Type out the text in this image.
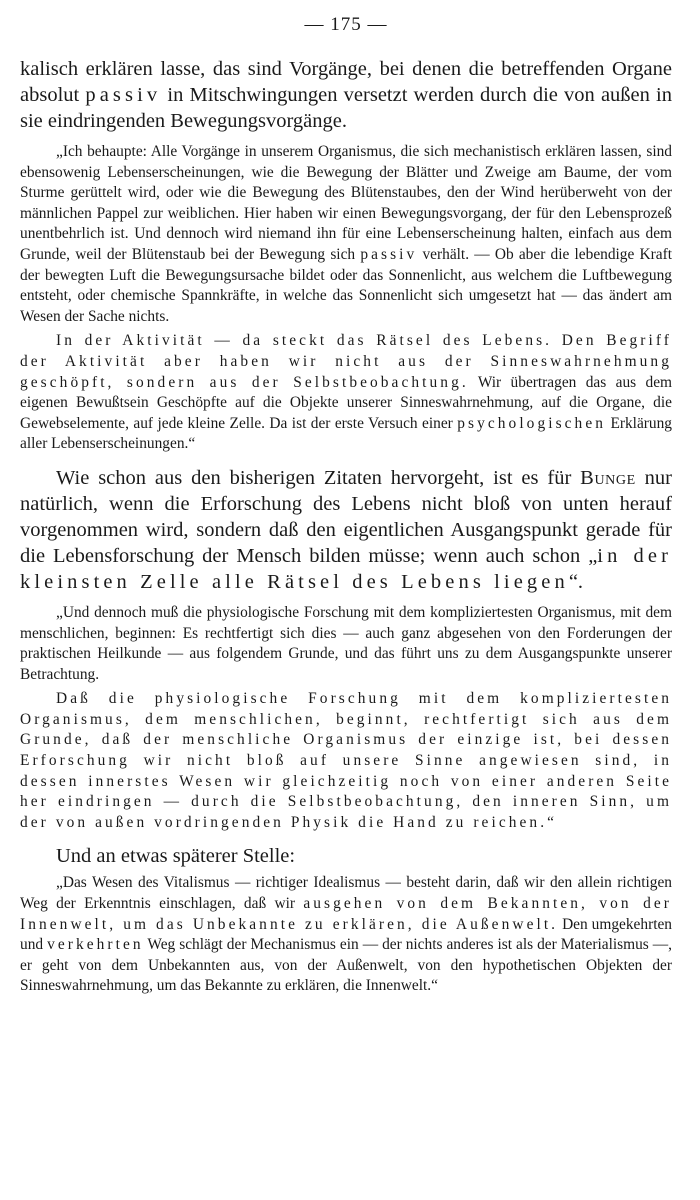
— 175 —

kalisch erklären lasse, das sind Vorgänge, bei denen die betreffenden Organe absolut passiv in Mitschwingungen versetzt werden durch die von außen in sie eindringenden Bewegungsvorgänge.

„Ich behaupte: Alle Vorgänge in unserem Organismus, die sich mechanistisch erklären lassen, sind ebensowenig Lebenserscheinungen, wie die Bewegung der Blätter und Zweige am Baume, der vom Sturme gerüttelt wird, oder wie die Bewegung des Blütenstaubes, den der Wind herüberweht von der männlichen Pappel zur weiblichen. Hier haben wir einen Bewegungsvorgang, der für den Lebensprozeß unentbehrlich ist. Und dennoch wird niemand ihn für eine Lebenserscheinung halten, einfach aus dem Grunde, weil der Blütenstaub bei der Bewegung sich passiv verhält. — Ob aber die lebendige Kraft der bewegten Luft die Bewegungsursache bildet oder das Sonnenlicht, aus welchem die Luftbewegung entsteht, oder chemische Spannkräfte, in welche das Sonnenlicht sich umgesetzt hat — das ändert am Wesen der Sache nichts.

In der Aktivität — da steckt das Rätsel des Lebens. Den Begriff der Aktivität aber haben wir nicht aus der Sinneswahrnehmung geschöpft, sondern aus der Selbstbeobachtung. Wir übertragen das aus dem eigenen Bewußtsein Geschöpfte auf die Objekte unserer Sinneswahrnehmung, auf die Organe, die Gewebselemente, auf jede kleine Zelle. Da ist der erste Versuch einer psychologischen Erklärung aller Lebenserscheinungen.“

Wie schon aus den bisherigen Zitaten hervorgeht, ist es für Bunge nur natürlich, wenn die Erforschung des Lebens nicht bloß von unten herauf vorgenommen wird, sondern daß den eigentlichen Ausgangspunkt gerade für die Lebensforschung der Mensch bilden müsse; wenn auch schon „in der kleinsten Zelle alle Rätsel des Lebens liegen“.

„Und dennoch muß die physiologische Forschung mit dem kompliziertesten Organismus, mit dem menschlichen, beginnen: Es rechtfertigt sich dies — auch ganz abgesehen von den Forderungen der praktischen Heilkunde — aus folgendem Grunde, und das führt uns zu dem Ausgangspunkte unserer Betrachtung.

Daß die physiologische Forschung mit dem kompliziertesten Organismus, dem menschlichen, beginnt, rechtfertigt sich aus dem Grunde, daß der menschliche Organismus der einzige ist, bei dessen Erforschung wir nicht bloß auf unsere Sinne angewiesen sind, in dessen innerstes Wesen wir gleichzeitig noch von einer anderen Seite her eindringen — durch die Selbstbeobachtung, den inneren Sinn, um der von außen vordringenden Physik die Hand zu reichen.“

Und an etwas späterer Stelle:

„Das Wesen des Vitalismus — richtiger Idealismus — besteht darin, daß wir den allein richtigen Weg der Erkenntnis einschlagen, daß wir ausgehen von dem Bekannten, von der Innenwelt, um das Unbekannte zu erklären, die Außenwelt. Den umgekehrten und verkehrten Weg schlägt der Mechanismus ein — der nichts anderes ist als der Materialismus —, er geht von dem Unbekannten aus, von der Außenwelt, von den hypothetischen Objekten der Sinneswahrnehmung, um das Bekannte zu erklären, die Innenwelt.“
